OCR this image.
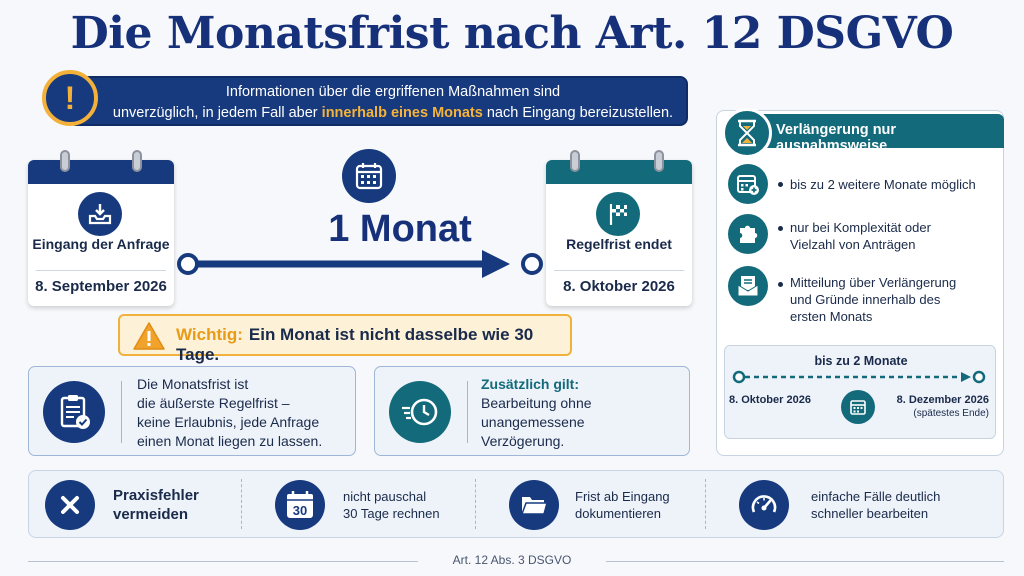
Die Monatsfrist nach Art. 12 DSGVO
Informationen über die ergriffenen Maßnahmen sind
unverzüglich, in jedem Fall aber innerhalb eines Monats nach Eingang bereizustellen.
!
Eingang der Anfrage
8. September 2026
1 Monat	Regelfrist endet
8. Oktober 2026
Wichtig: Ein Monat ist nicht dasselbe wie 30 Tage.
Die Monatsfrist ist
die äußerste Regelfrist –
keine Erlaubnis, jede Anfrage
einen Monat liegen zu lassen.
Zusätzlich gilt:
Bearbeitung ohne
unangemessene
Verzögerung.
Verlängerung nur ausnahmsweise
bis zu 2 weitere Monate möglich
nur bei Komplexität oder
Vielzahl von Anträgen
Mitteilung über Verlängerung
und Gründe innerhalb des
ersten Monats
bis zu 2 Monate
8. Oktober 2026	8. Dezember 2026
(spätestes Ende)
Praxisfehler
vermeiden	30
nicht pauschal
30 Tage rechnen
Frist ab Eingang
dokumentieren
einfache Fälle deutlich
schneller bearbeiten
Art. 12 Abs. 3 DSGVO
